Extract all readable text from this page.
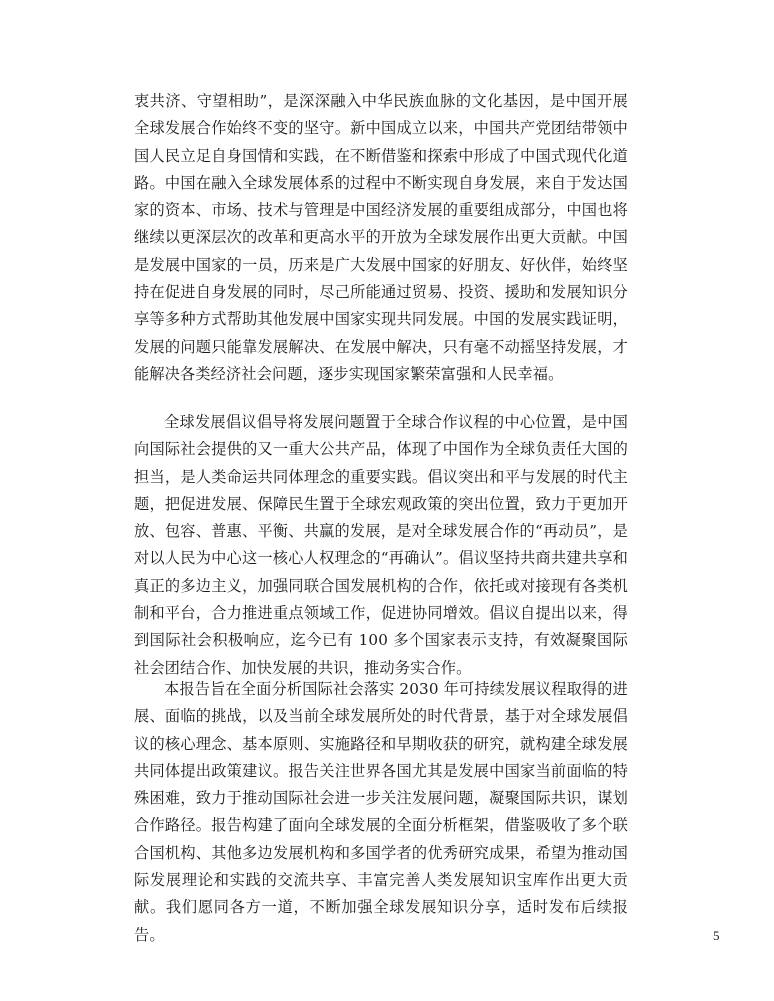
衷共济、守望相助”，是深深融入中华民族血脉的文化基因，是中国开展全球发展合作始终不变的坚守。新中国成立以来，中国共产党团结带领中国人民立足自身国情和实践，在不断借鉴和探索中形成了中国式现代化道路。中国在融入全球发展体系的过程中不断实现自身发展，来自于发达国家的资本、市场、技术与管理是中国经济发展的重要组成部分，中国也将继续以更深层次的改革和更高水平的开放为全球发展作出更大贡献。中国是发展中国家的一员，历来是广大发展中国家的好朋友、好伙伴，始终坚持在促进自身发展的同时，尽己所能通过贸易、投资、援助和发展知识分享等多种方式帮助其他发展中国家实现共同发展。中国的发展实践证明，发展的问题只能靠发展解决、在发展中解决，只有毫不动摇坚持发展，才能解决各类经济社会问题，逐步实现国家繁荣富强和人民幸福。

全球发展倡议倡导将发展问题置于全球合作议程的中心位置，是中国向国际社会提供的又一重大公共产品，体现了中国作为全球负责任大国的担当，是人类命运共同体理念的重要实践。倡议突出和平与发展的时代主题，把促进发展、保障民生置于全球宏观政策的突出位置，致力于更加开放、包容、普惠、平衡、共赢的发展，是对全球发展合作的“再动员”，是对以人民为中心这一核心人权理念的“再确认”。倡议坚持共商共建共享和真正的多边主义，加强同联合国发展机构的合作，依托或对接现有各类机制和平台，合力推进重点领域工作，促进协同增效。倡议自提出以来，得到国际社会积极响应，迄今已有 100 多个国家表示支持，有效凝聚国际社会团结合作、加快发展的共识，推动务实合作。

本报告旨在全面分析国际社会落实 2030 年可持续发展议程取得的进展、面临的挑战，以及当前全球发展所处的时代背景，基于对全球发展倡议的核心理念、基本原则、实施路径和早期收获的研究，就构建全球发展共同体提出政策建议。报告关注世界各国尤其是发展中国家当前面临的特殊困难，致力于推动国际社会进一步关注发展问题，凝聚国际共识，谋划合作路径。报告构建了面向全球发展的全面分析框架，借鉴吸收了多个联合国机构、其他多边发展机构和多国学者的优秀研究成果，希望为推动国际发展理论和实践的交流共享、丰富完善人类发展知识宝库作出更大贡献。我们愿同各方一道，不断加强全球发展知识分享，适时发布后续报告。	5
